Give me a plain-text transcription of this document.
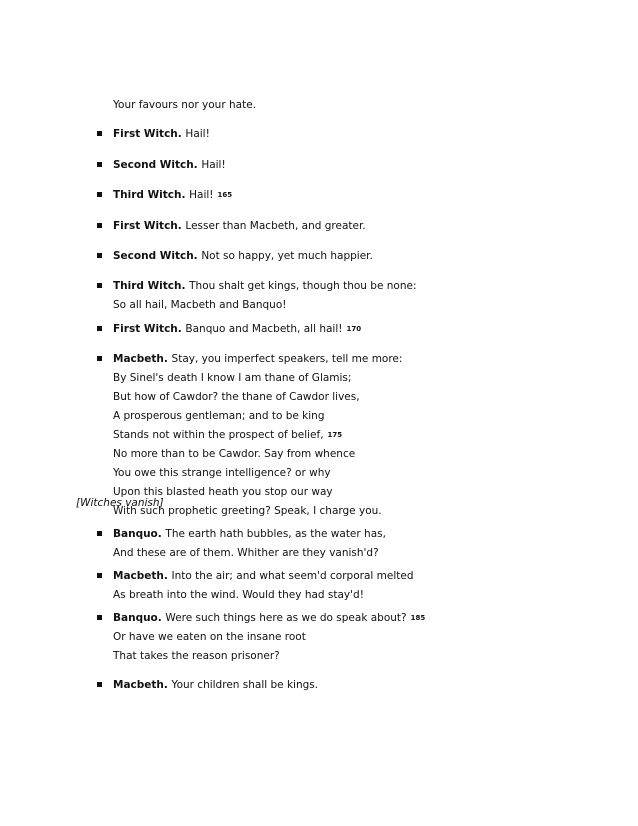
Your favours nor your hate.
First Witch. Hail!
Second Witch. Hail!
Third Witch. Hail! 165
First Witch. Lesser than Macbeth, and greater.
Second Witch. Not so happy, yet much happier.
Third Witch. Thou shalt get kings, though thou be none:
So all hail, Macbeth and Banquo!
First Witch. Banquo and Macbeth, all hail! 170
Macbeth. Stay, you imperfect speakers, tell me more:
By Sinel's death I know I am thane of Glamis;
But how of Cawdor? the thane of Cawdor lives,
A prosperous gentleman; and to be king
Stands not within the prospect of belief, 175
No more than to be Cawdor. Say from whence
You owe this strange intelligence? or why
Upon this blasted heath you stop our way
With such prophetic greeting? Speak, I charge you.
[Witches vanish]
Banquo. The earth hath bubbles, as the water has,
And these are of them. Whither are they vanish'd?
Macbeth. Into the air; and what seem'd corporal melted
As breath into the wind. Would they had stay'd!
Banquo. Were such things here as we do speak about? 185
Or have we eaten on the insane root
That takes the reason prisoner?
Macbeth. Your children shall be kings.
